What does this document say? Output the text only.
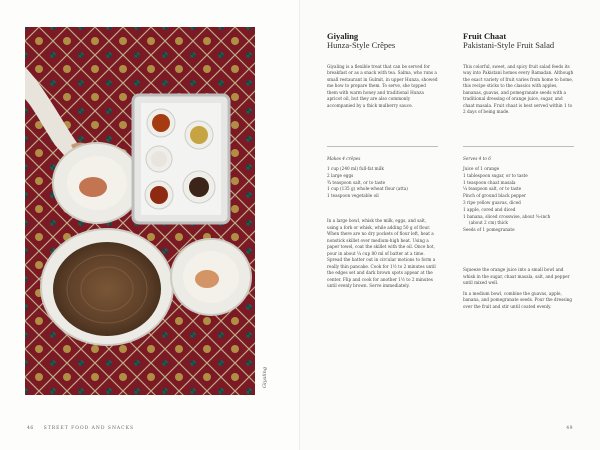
Giyaling
46 STREET FOOD AND SNACKS	49
Giyaling
Hunza-Style Crêpes
Giyaling is a flexible treat that can be served for breakfast or as a snack with tea. Salma, who runs a small restaurant in Gulmit, in upper Hunza, showed me how to prepare them. To serve, she topped them with warm honey and traditional Hunza apricot oil, but they are also commonly accompanied by a thick mulberry sauce.
Makes 4 crêpes
1 cup (240 ml) full-fat milk
2 large eggs
¾ teaspoon salt, or to taste
1 cup (135 g) whole-wheat flour (atta)
1 teaspoon vegetable oil

In a large bowl, whisk the milk, eggs, and salt, using a fork or whisk, while adding 50 g of flour. When there are no dry pockets of flour left, heat a nonstick skillet over medium-high heat. Using a paper towel, coat the skillet with the oil. Once hot, pour in about ¼ cup 80 ml of batter at a time. Spread the batter out in circular motions to form a really thin pancake. Cook for 1½ to 2 minutes until the edges set and dark brown spots appear at the center. Flip and cook for another 1½ to 2 minutes until evenly brown. Serve immediately.

Fruit Chaat
Pakistani-Style Fruit Salad
This colorful, sweet, and spicy fruit salad feeds its way into Pakistani homes every Ramadan. Although the exact variety of fruit varies from home to home, this recipe sticks to the classics with apples, bananas, guavas, and pomegranate seeds with a traditional dressing of orange juice, sugar, and chaat masala. Fruit chaat is best served within 1 to 2 days of being made.
Serves 4 to 6
Juice of 1 orange
1 tablespoon sugar, or to taste
1 teaspoon chaat masala
¼ teaspoon salt, or to taste
Pinch of ground black pepper
3 ripe yellow guavas, diced
1 apple, cored and diced
1 banana, sliced crosswise, about ⅜-inch
(about 2 cm) thick
Seeds of 1 pomegranate

Squeeze the orange juice into a small bowl and whisk in the sugar, chaat masala, salt, and pepper until mixed well.

In a medium bowl, combine the guavas, apple, banana, and pomegranate seeds. Pour the dressing over the fruit and stir until coated evenly.
